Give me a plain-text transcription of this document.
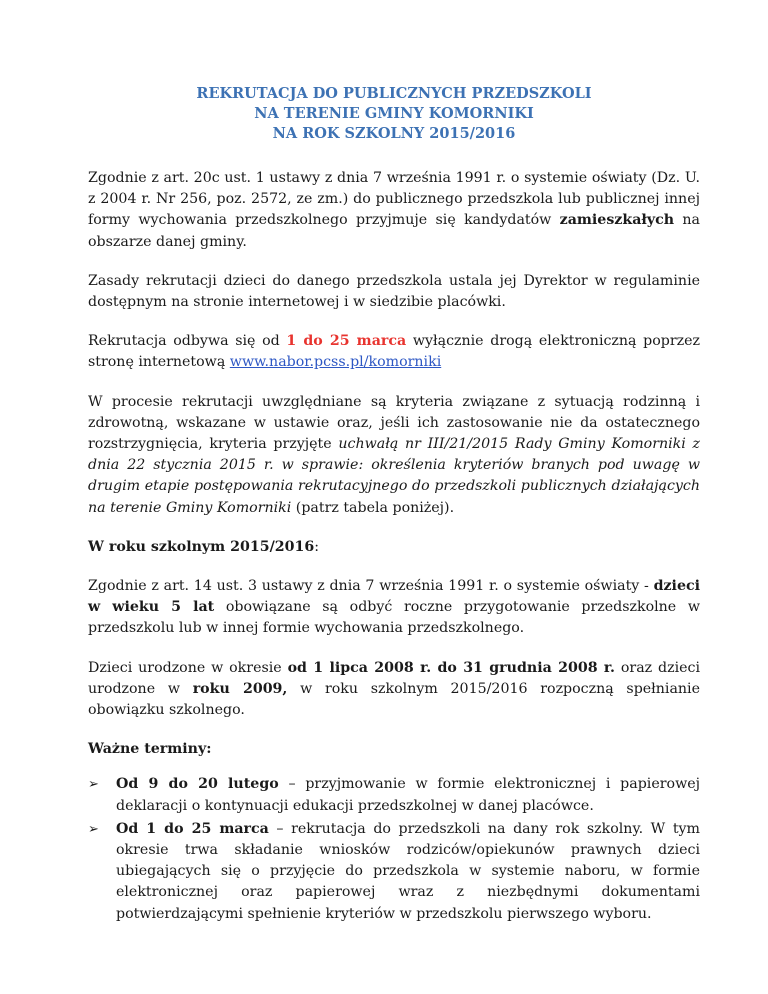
REKRUTACJA DO PUBLICZNYCH PRZEDSZKOLI
NA TERENIE GMINY KOMORNIKI
NA ROK SZKOLNY 2015/2016

Zgodnie z art. 20c ust. 1 ustawy z dnia 7 września 1991 r. o systemie oświaty (Dz. U. z 2004 r. Nr 256, poz. 2572, ze zm.) do publicznego przedszkola lub publicznej innej formy wychowania przedszkolnego przyjmuje się kandydatów zamieszkałych na obszarze danej gminy.

Zasady rekrutacji dzieci do danego przedszkola ustala jej Dyrektor w regulaminie dostępnym na stronie internetowej i w siedzibie placówki.

Rekrutacja odbywa się od 1 do 25 marca wyłącznie drogą elektroniczną poprzez stronę internetową www.nabor.pcss.pl/komorniki

W procesie rekrutacji uwzględniane są kryteria związane z sytuacją rodzinną i zdrowotną, wskazane w ustawie oraz, jeśli ich zastosowanie nie da ostatecznego rozstrzygnięcia, kryteria przyjęte uchwałą nr III/21/2015 Rady Gminy Komorniki z dnia 22 stycznia 2015 r. w sprawie: określenia kryteriów branych pod uwagę w drugim etapie postępowania rekrutacyjnego do przedszkoli publicznych działających na terenie Gminy Komorniki (patrz tabela poniżej).

W roku szkolnym 2015/2016:

Zgodnie z art. 14 ust. 3 ustawy z dnia 7 września 1991 r. o systemie oświaty - dzieci w wieku 5 lat obowiązane są odbyć roczne przygotowanie przedszkolne w przedszkolu lub w innej formie wychowania przedszkolnego.

Dzieci urodzone w okresie od 1 lipca 2008 r. do 31 grudnia 2008 r. oraz dzieci urodzone w roku 2009, w roku szkolnym 2015/2016 rozpoczną spełnianie obowiązku szkolnego.

Ważne terminy:

➢ Od 9 do 20 lutego – przyjmowanie w formie elektronicznej i papierowej deklaracji o kontynuacji edukacji przedszkolnej w danej placówce.
➢ Od 1 do 25 marca – rekrutacja do przedszkoli na dany rok szkolny. W tym okresie trwa składanie wniosków rodziców/opiekunów prawnych dzieci ubiegających się o przyjęcie do przedszkola w systemie naboru, w formie elektronicznej oraz papierowej wraz z niezbędnymi dokumentami potwierdzającymi spełnienie kryteriów w przedszkolu pierwszego wyboru.
